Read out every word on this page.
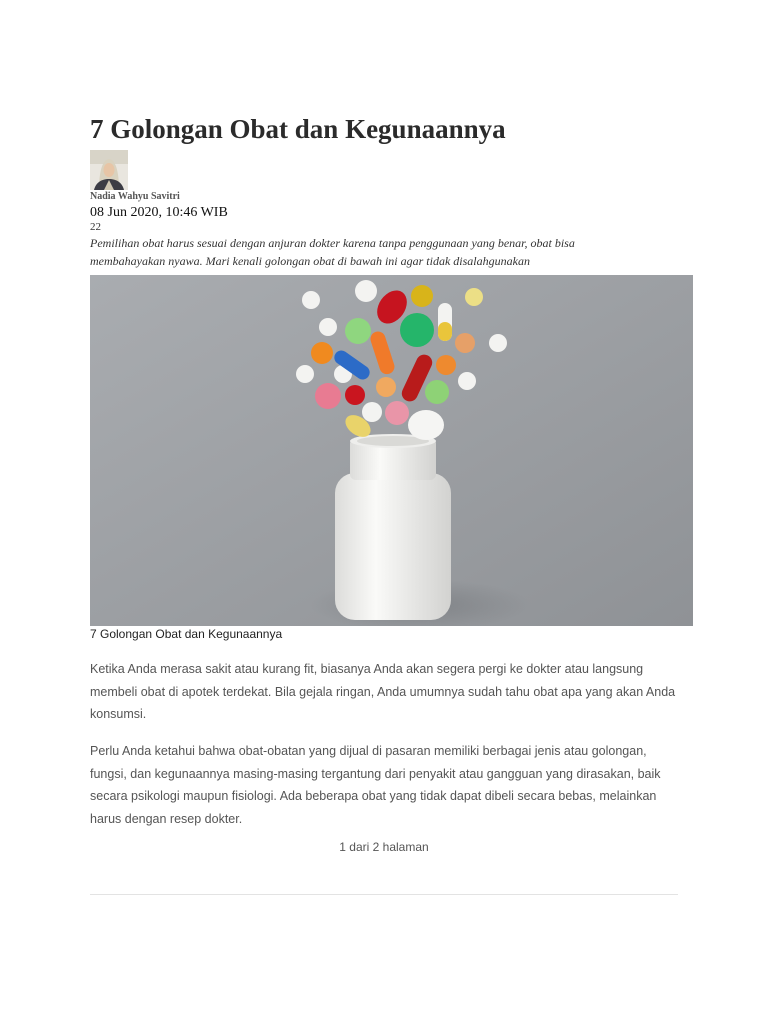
7 Golongan Obat dan Kegunaannya
Nadia Wahyu Savitri
08 Jun 2020, 10:46 WIB
22

Pemilihan obat harus sesuai dengan anjuran dokter karena tanpa penggunaan yang benar, obat bisa membahayakan nyawa. Mari kenali golongan obat di bawah ini agar tidak disalahgunakan

7 Golongan Obat dan Kegunaannya

Ketika Anda merasa sakit atau kurang fit, biasanya Anda akan segera pergi ke dokter atau langsung membeli obat di apotek terdekat. Bila gejala ringan, Anda umumnya sudah tahu obat apa yang akan Anda konsumsi.

Perlu Anda ketahui bahwa obat-obatan yang dijual di pasaran memiliki berbagai jenis atau golongan, fungsi, dan kegunaannya masing-masing tergantung dari penyakit atau gangguan yang dirasakan, baik secara psikologi maupun fisiologi. Ada beberapa obat yang tidak dapat dibeli secara bebas, melainkan harus dengan resep dokter.

1 dari 2 halaman
